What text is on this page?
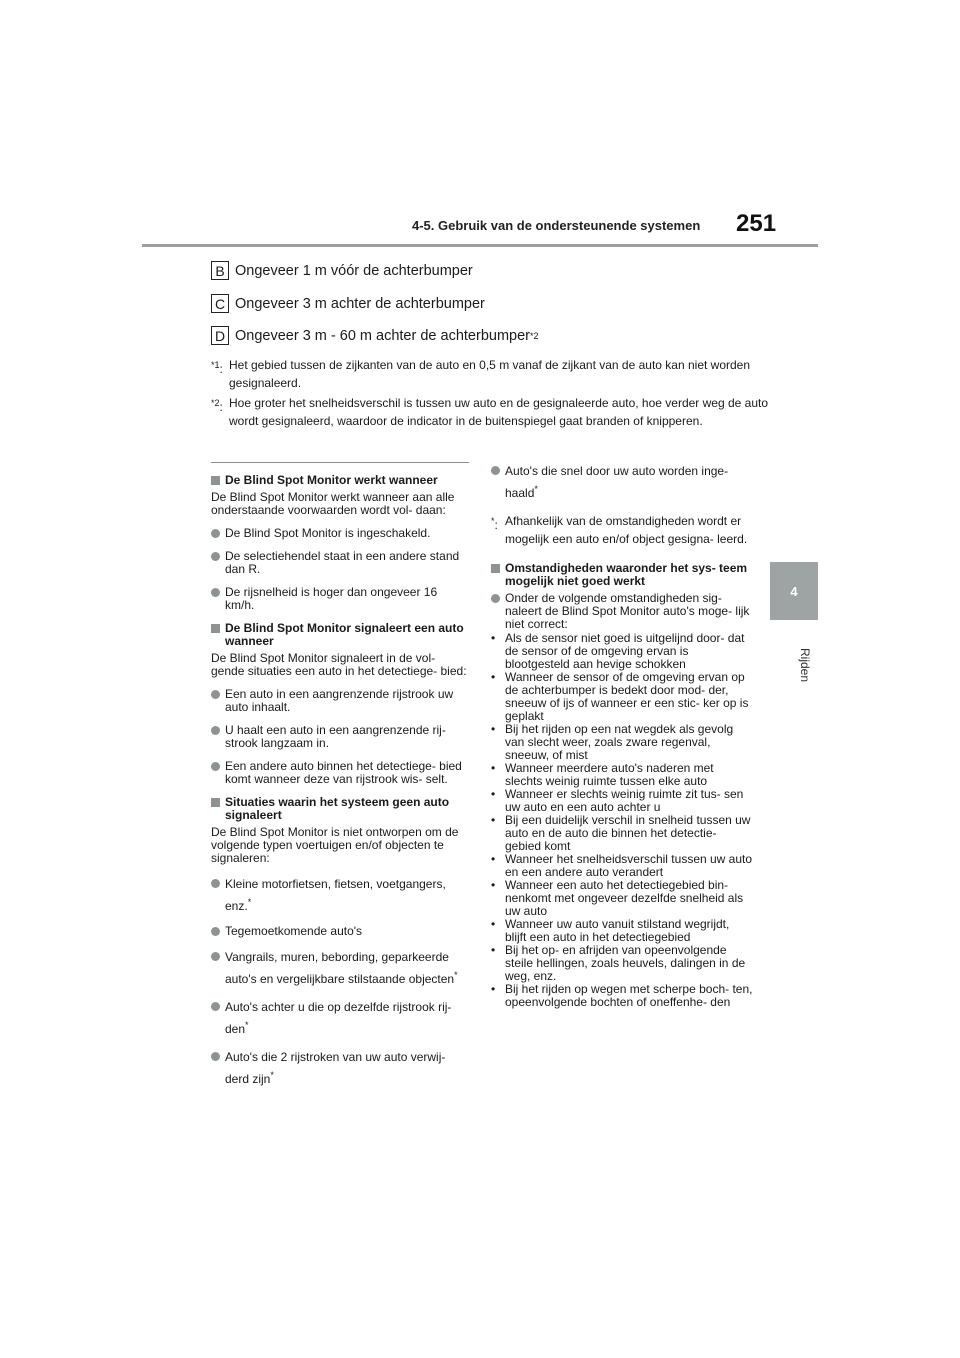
4-5. Gebruik van de ondersteunende systemen 251
4
Rijden
B Ongeveer 1 m vóór de achterbumper
C Ongeveer 3 m achter de achterbumper
D Ongeveer 3 m - 60 m achter de achterbumper *2
$^{*1}$: Het gebied tussen de zijkanten van de auto en 0,5 m vanaf de zijkant van de auto kan niet worden gesignaleerd.
$^{*2}$: Hoe groter het snelheidsverschil is tussen uw auto en de gesignaleerde auto, hoe verder weg de auto wordt gesignaleerd, waardoor de indicator in de buitenspiegel gaat branden of knipperen.
De Blind Spot Monitor werkt wanneer
De Blind Spot Monitor werkt wanneer aan alle onderstaande voorwaarden wordt vol- daan:
De Blind Spot Monitor is ingeschakeld.
De selectiehendel staat in een andere stand dan R.
De rijsnelheid is hoger dan ongeveer 16 km/h.
De Blind Spot Monitor signaleert een auto wanneer
De Blind Spot Monitor signaleert in de vol- gende situaties een auto in het detectiege- bied:
Een auto in een aangrenzende rijstrook uw auto inhaalt.
U haalt een auto in een aangrenzende rij- strook langzaam in.
Een andere auto binnen het detectiege- bied komt wanneer deze van rijstrook wis- selt.
Situaties waarin het systeem geen auto signaleert
De Blind Spot Monitor is niet ontworpen om de volgende typen voertuigen en/of objecten te signaleren:
Kleine motorfietsen, fietsen, voetgangers, enz.*
Tegemoetkomende auto's
Vangrails, muren, bebording, geparkeerde auto's en vergelijkbare stilstaande objecten*
Auto's achter u die op dezelfde rijstrook rij- den*
Auto's die 2 rijstroken van uw auto verwij- derd zijn*
Auto's die snel door uw auto worden inge- haald*
*: Afhankelijk van de omstandigheden wordt er mogelijk een auto en/of object gesigna- leerd.
Omstandigheden waaronder het sys- teem mogelijk niet goed werkt
Onder de volgende omstandigheden sig- naleert de Blind Spot Monitor auto's moge- lijk niet correct:
• Als de sensor niet goed is uitgelijnd door- dat de sensor of de omgeving ervan is blootgesteld aan hevige schokken
• Wanneer de sensor of de omgeving ervan op de achterbumper is bedekt door mod- der, sneeuw of ijs of wanneer er een stic- ker op is geplakt
• Bij het rijden op een nat wegdek als gevolg van slecht weer, zoals zware regenval, sneeuw, of mist
• Wanneer meerdere auto's naderen met slechts weinig ruimte tussen elke auto
• Wanneer er slechts weinig ruimte zit tus- sen uw auto en een auto achter u
• Bij een duidelijk verschil in snelheid tussen uw auto en de auto die binnen het detectie- gebied komt
• Wanneer het snelheidsverschil tussen uw auto en een andere auto verandert
• Wanneer een auto het detectiegebied bin- nenkomt met ongeveer dezelfde snelheid als uw auto
• Wanneer uw auto vanuit stilstand wegrijdt, blijft een auto in het detectiegebied
• Bij het op- en afrijden van opeenvolgende steile hellingen, zoals heuvels, dalingen in de weg, enz.
• Bij het rijden op wegen met scherpe boch- ten, opeenvolgende bochten of oneffenhe- den
